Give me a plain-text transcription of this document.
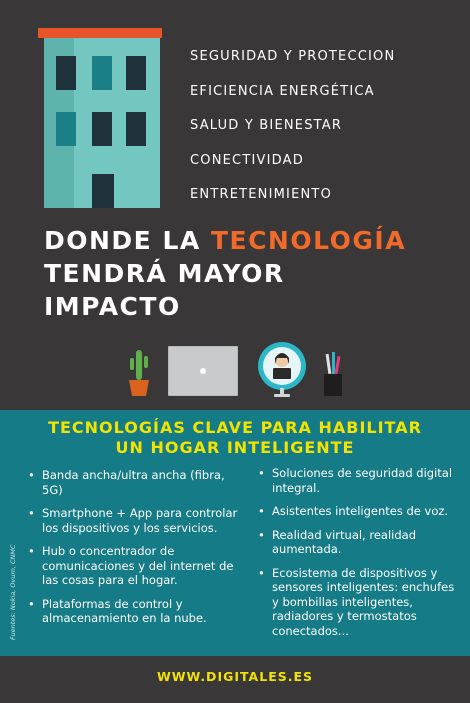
SEGURIDAD Y PROTECCION
EFICIENCIA ENERGÉTICA
SALUD Y BIENESTAR
CONECTIVIDAD
ENTRETENIMIENTO
DONDE LA TECNOLOGÍA
TENDRÁ MAYOR
IMPACTO
TECNOLOGÍAS CLAVE PARA HABILITAR
UN HOGAR INTELIGENTE
• Banda ancha/ultra ancha (fibra, 5G)
• Smartphone + App para controlar los dispositivos y los servicios.
• Hub o concentrador de comunicaciones y del internet de las cosas para el hogar.
• Plataformas de control y almacenamiento en la nube.
• Soluciones de seguridad digital integral.
• Asistentes inteligentes de voz.
• Realidad virtual, realidad aumentada.
• Ecosistema de dispositivos y sensores inteligentes: enchufes y bombillas inteligentes, radiadores y termostatos conectados...
Fuentes: Nokia, Ovum, CNMC
WWW.DIGITALES.ES
